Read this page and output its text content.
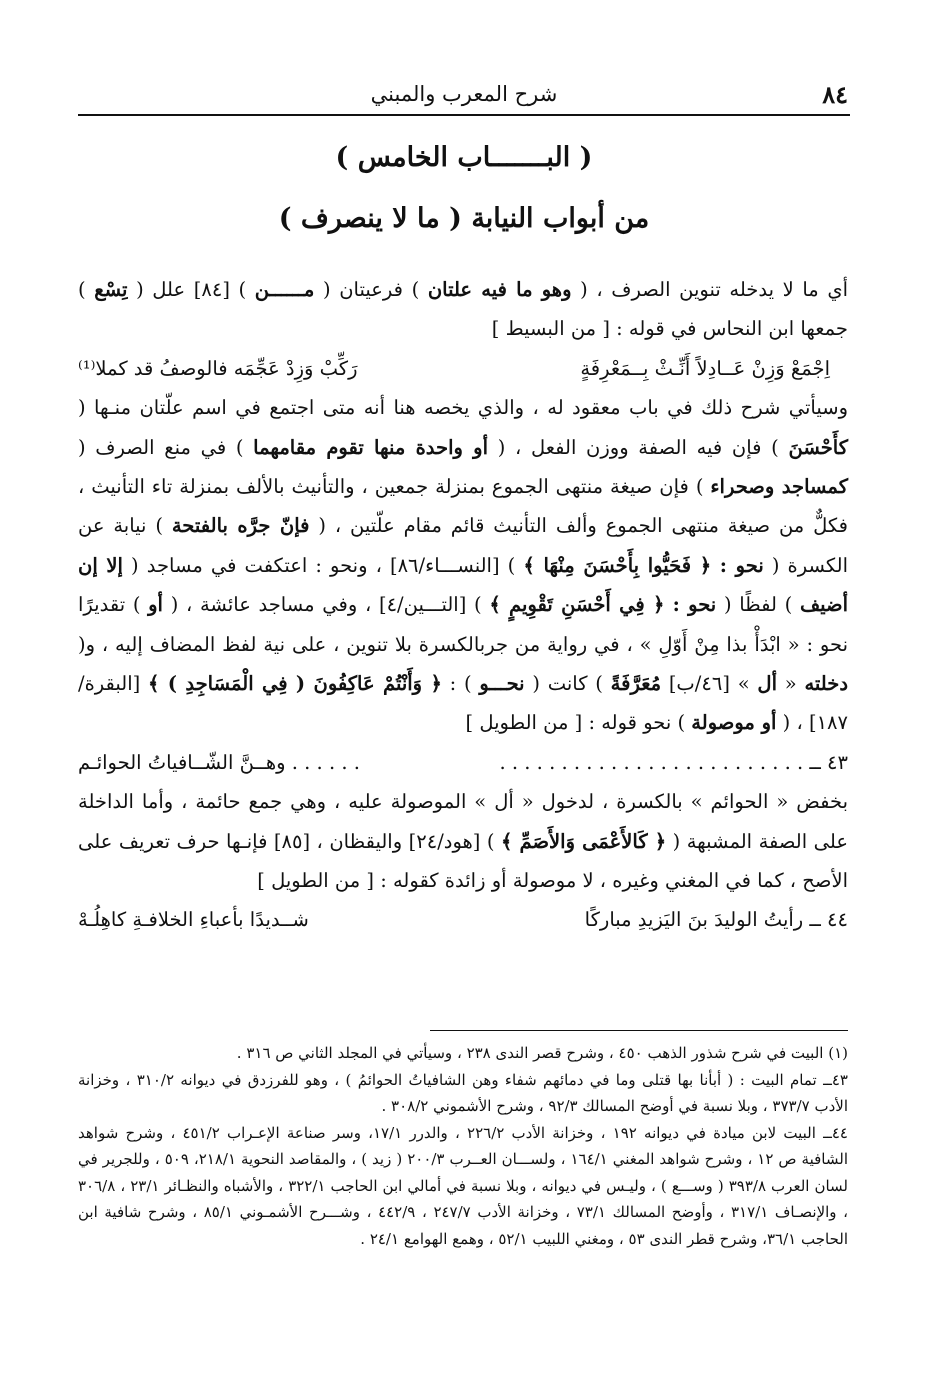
٨٤
شرح المعرب والمبني
( البـــــــاب الخامس )
من أبواب النيابة ( ما لا ينصرف )

أي ما لا يدخله تنوين الصرف ، ( وهو ما فيه علتان ) فرعيتان ( مــــــن ) [٨٤] علل ( تِسْع ) جمعها ابن النحاس في قوله : [ من البسيط ]

اِجْمَعْ وَزِنْ عَــادِلاً أَنِّـثْ بِــمَعْرِفَةٍ
رَكِّبْ وَزِدْ عَجِّمَه فالوصفُ قد كملا⁽¹⁾

وسيأتي شرح ذلك في باب معقود له ، والذي يخصه هنا أنه متى اجتمع في اسم علّتان منـها ( كأَحْسَنَ ) فإن فيه الصفة ووزن الفعل ، ( أو واحدة منها تقوم مقامهما ) في منع الصرف ( كمساجد وصحراء ) فإن صيغة منتهى الجموع بمنزلة جمعين ، والتأنيث بالألف بمنزلة تاء التأنيث ، فكلٌّ من صيغة منتهى الجموع وألف التأنيث قائم مقام علّتين ، ( فإنّ جرَّه بالفتحة ) نيابة عن الكسرة ( نحو : ﴿ فَحَيُّوا بِأَحْسَنَ مِنْهَا ﴾ ) [النســـاء/٨٦] ، ونحو : اعتكفت في مساجد ( إلا إن أضيف ) لفظًا ( نحو : ﴿ فِي أَحْسَنِ تَقْوِيمٍ ﴾ ) [التـــين/٤] ، وفي مساجد عائشة ، ( أو ) تقديرًا نحو : « ابْدَأْ بذا مِنْ أَوّلِ » ، في رواية من جربالكسرة بلا تنوين ، على نية لفظ المضاف إليه ، و( دخلته « أل » [٤٦/ب] مُعَرَّفَةً ) كانت ( نحـــو ) : ﴿ وَأَنْتُمْ عَاكِفُونَ ( فِي الْمَسَاجِدِ ) ﴾ [البقرة/١٨٧] ، ( أو موصولة ) نحو قوله : [ من الطويل ]

٤٣ ــ . . . . . . . . . . . . . . . . . . . . . . . . .
. . . . . . وهــنَّ الشّــافياتُ الحوائـم

بخفض « الحوائم » بالكسرة ، لدخول « أل » الموصولة عليه ، وهي جمع حائمة ، وأما الداخلة على الصفة المشبهة ( ﴿ كَالأَعْمَى وَالأَصَمِّ ﴾ ) [هود/٢٤] واليقظان ، [٨٥] فإنـها حرف تعريف على الأصح ، كما في المغني وغيره ، لا موصولة أو زائدة كقوله : [ من الطويل ]

٤٤ ــ رأيتُ الوليدَ بنَ اليَزيدِ مباركًا
شــديدًا بأعباءِ الخلافـةِ كاهِلُـهْ

(١) البيت في شرح شذور الذهب ٤٥٠ ، وشرح قصر الندى ٢٣٨ ، وسيأتي في المجلد الثاني ص ٣١٦ .

٤٣ــ تمام البيت : ( أبأنا بها قتلى وما في دمائهم شفاء وهن الشافياتُ الحوائمُ ) ، وهو للفرزدق في ديوانه ٣١٠/٢ ، وخزانة الأدب ٣٧٣/٧ ، وبلا نسبة في أوضح المسالك ٩٢/٣ ، وشرح الأشموني ٣٠٨/٢ .

٤٤ــ البيت لابن ميادة في ديوانه ١٩٢ ، وخزانة الأدب ٢٢٦/٢ ، والدرر ١٧/١، وسر صناعة الإعـراب ٤٥١/٢ ، وشرح شواهد الشافية ص ١٢ ، وشرح شواهد المغني ١٦٤/١ ، ولســـان العــرب ٢٠٠/٣ ( زيد ) ، والمقاصد النحوية ٢١٨/١، ٥٠٩ ، وللجرير في لسان العرب ٣٩٣/٨ ( وســـع ) ، وليـس في ديوانه ، وبلا نسبة في أمالي ابن الحاجب ٣٢٢/١ ، والأشباه والنظـائر ٢٣/١ ، ٣٠٦/٨ ، والإنصـاف ٣١٧/١ ، وأوضح المسالك ٧٣/١ ، وخزانة الأدب ٢٤٧/٧ ، ٤٤٢/٩ ، وشـــرح الأشمـوني ٨٥/١ ، وشرح شافية ابن الحاجب ٣٦/١، وشرح قطر الندى ٥٣ ، ومغني اللبيب ٥٢/١ ، وهمع الهوامع ٢٤/١ .
